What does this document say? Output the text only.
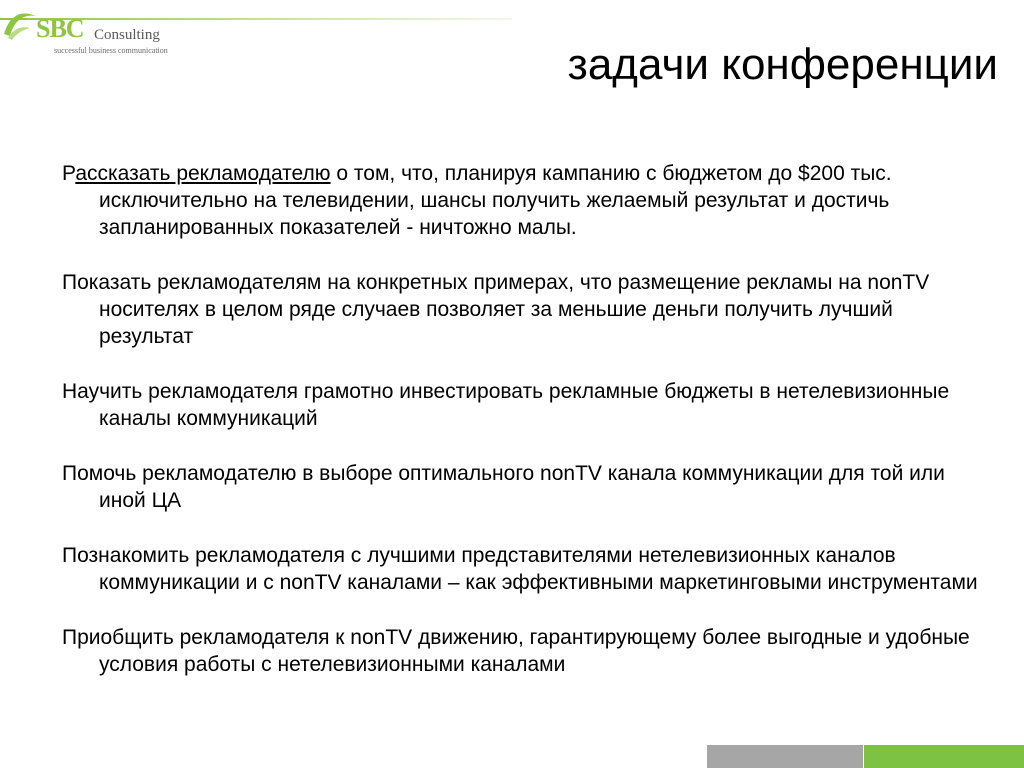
SBC Consulting
successful business communication	задачи конференции

Рассказать рекламодателю о том, что, планируя кампанию с бюджетом до $200 тыс. исключительно на телевидении, шансы получить желаемый результат и достичь запланированных показателей - ничтожно малы.

Показать рекламодателям на конкретных примерах, что размещение рекламы на nonTV носителях в целом ряде случаев позволяет за меньшие деньги получить лучший результат

Научить рекламодателя грамотно инвестировать рекламные бюджеты в нетелевизионные каналы коммуникаций

Помочь рекламодателю в выборе оптимального nonTV канала коммуникации для той или иной ЦА

Познакомить рекламодателя с лучшими представителями нетелевизионных каналов коммуникации и с nonTV каналами – как эффективными маркетинговыми инструментами

Приобщить рекламодателя к nonTV движению, гарантирующему более выгодные и удобные условия работы с нетелевизионными каналами
